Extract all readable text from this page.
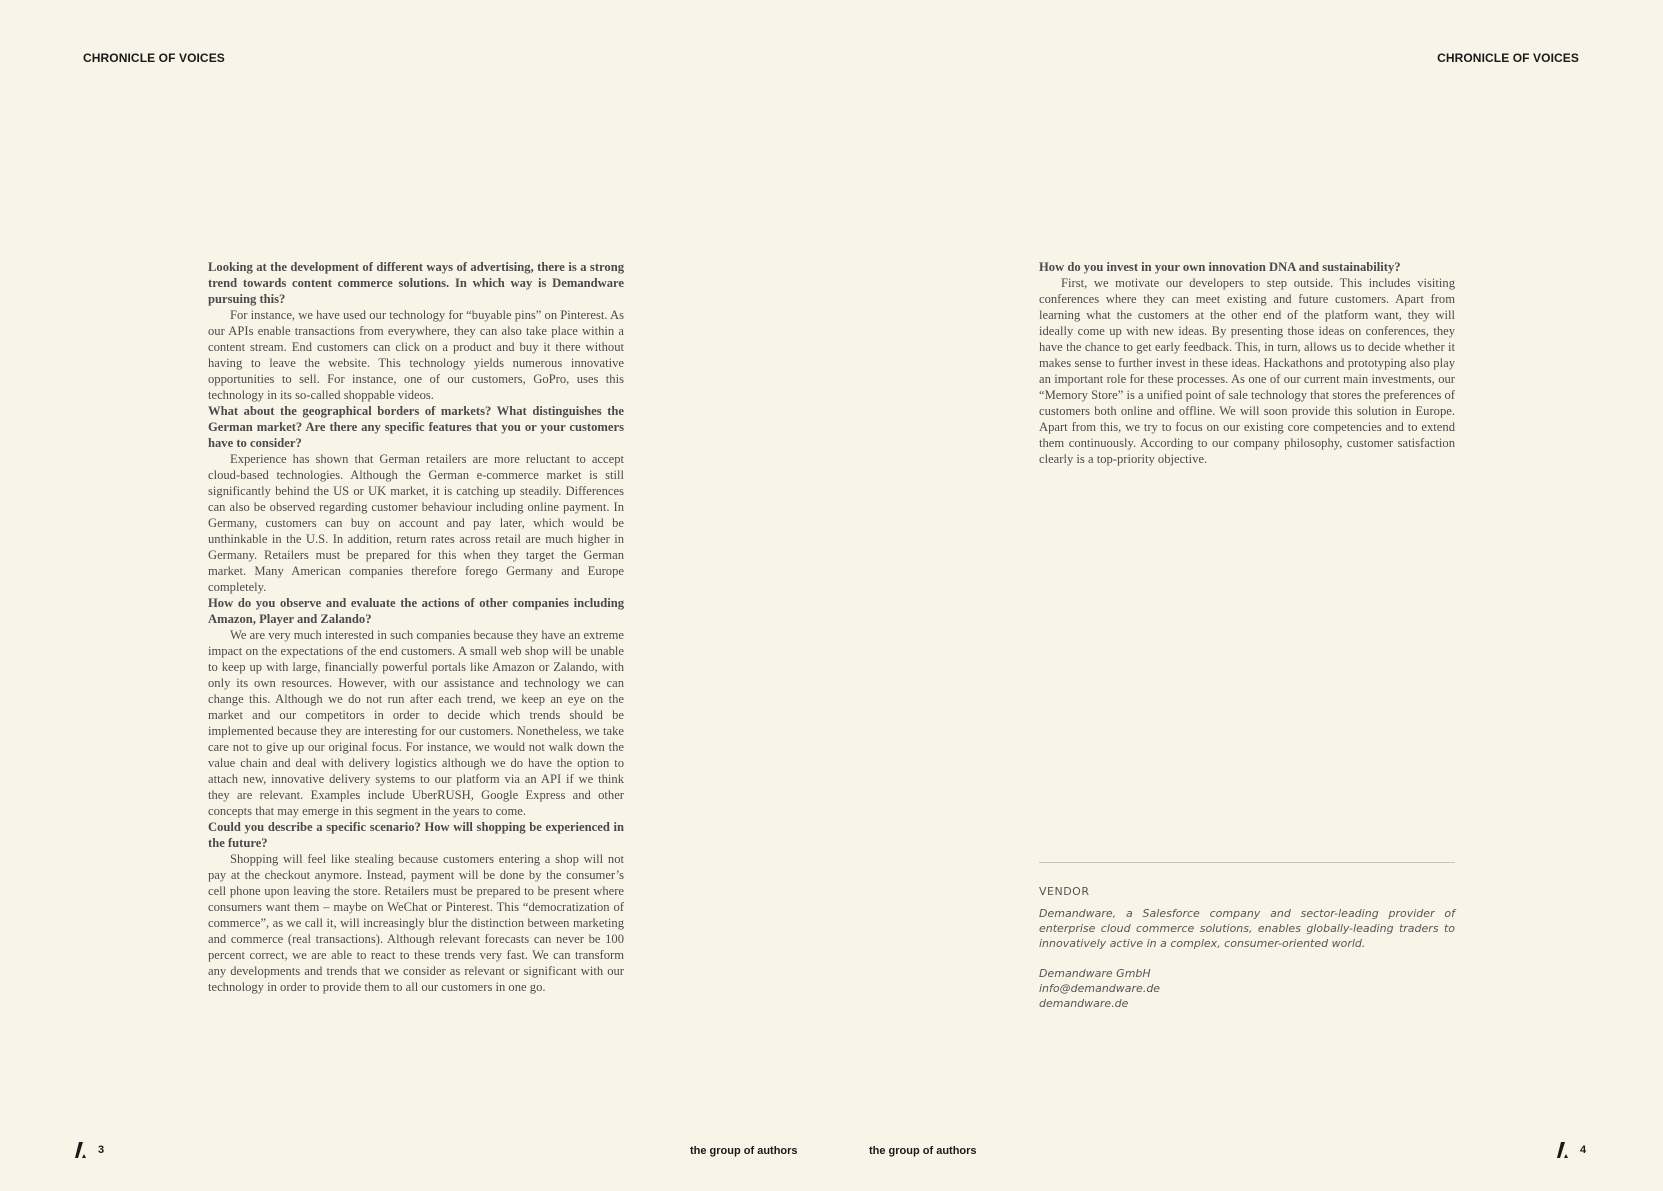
CHRONICLE OF VOICES	CHRONICLE OF VOICES

Looking at the development of different ways of advertising, there is a strong trend towards content commerce solutions. In which way is Demandware pursuing this?

For instance, we have used our technology for “buyable pins” on Pinterest. As our APIs enable transactions from everywhere, they can also take place within a content stream. End customers can click on a product and buy it there without having to leave the website. This technology yields numerous innovative opportunities to sell. For instance, one of our customers, GoPro, uses this technology in its so-called shoppable videos.

What about the geographical borders of markets? What distinguishes the German market? Are there any specific features that you or your customers have to consider?

Experience has shown that German retailers are more reluctant to accept cloud-based technologies. Although the German e-commerce market is still significantly behind the US or UK market, it is catching up steadily. Differences can also be observed regarding customer behaviour including online payment. In Germany, customers can buy on account and pay later, which would be unthinkable in the U.S. In addition, return rates across retail are much higher in Germany. Retailers must be prepared for this when they target the German market. Many American companies therefore forego Germany and Europe completely.

How do you observe and evaluate the actions of other companies including Amazon, Player and Zalando?

We are very much interested in such companies because they have an extreme impact on the expectations of the end customers. A small web shop will be unable to keep up with large, financially powerful portals like Amazon or Zalando, with only its own resources. However, with our assistance and technology we can change this. Although we do not run after each trend, we keep an eye on the market and our competitors in order to decide which trends should be implemented because they are interesting for our customers. Nonetheless, we take care not to give up our original focus. For instance, we would not walk down the value chain and deal with delivery logistics although we do have the option to attach new, innovative delivery systems to our platform via an API if we think they are relevant. Examples include UberRUSH, Google Express and other concepts that may emerge in this segment in the years to come.

Could you describe a specific scenario? How will shopping be experienced in the future?

Shopping will feel like stealing because customers entering a shop will not pay at the checkout anymore. Instead, payment will be done by the consumer’s cell phone upon leaving the store. Retailers must be prepared to be present where consumers want them – maybe on WeChat or Pinterest. This “democratization of commerce”, as we call it, will increasingly blur the distinction between marketing and commerce (real transactions). Although relevant forecasts can never be 100 percent correct, we are able to react to these trends very fast. We can transform any developments and trends that we consider as relevant or significant with our technology in order to provide them to all our customers in one go.

How do you invest in your own innovation DNA and sustainability?

First, we motivate our developers to step outside. This includes visiting conferences where they can meet existing and future customers. Apart from learning what the customers at the other end of the platform want, they will ideally come up with new ideas. By presenting those ideas on conferences, they have the chance to get early feedback. This, in turn, allows us to decide whether it makes sense to further invest in these ideas. Hackathons and prototyping also play an important role for these processes. As one of our current main investments, our “Memory Store” is a unified point of sale technology that stores the preferences of customers both online and offline. We will soon provide this solution in Europe. Apart from this, we try to focus on our existing core competencies and to extend them continuously. According to our company philosophy, customer satisfaction clearly is a top-priority objective.

VENDOR
Demandware, a Salesforce company and sector-leading provider of enterprise cloud commerce solutions, enables globally-leading traders to innovatively active in a complex, consumer-oriented world.
Demandware GmbH
info@demandware.de
demandware.de
3	the group of authors	the group of authors	4
